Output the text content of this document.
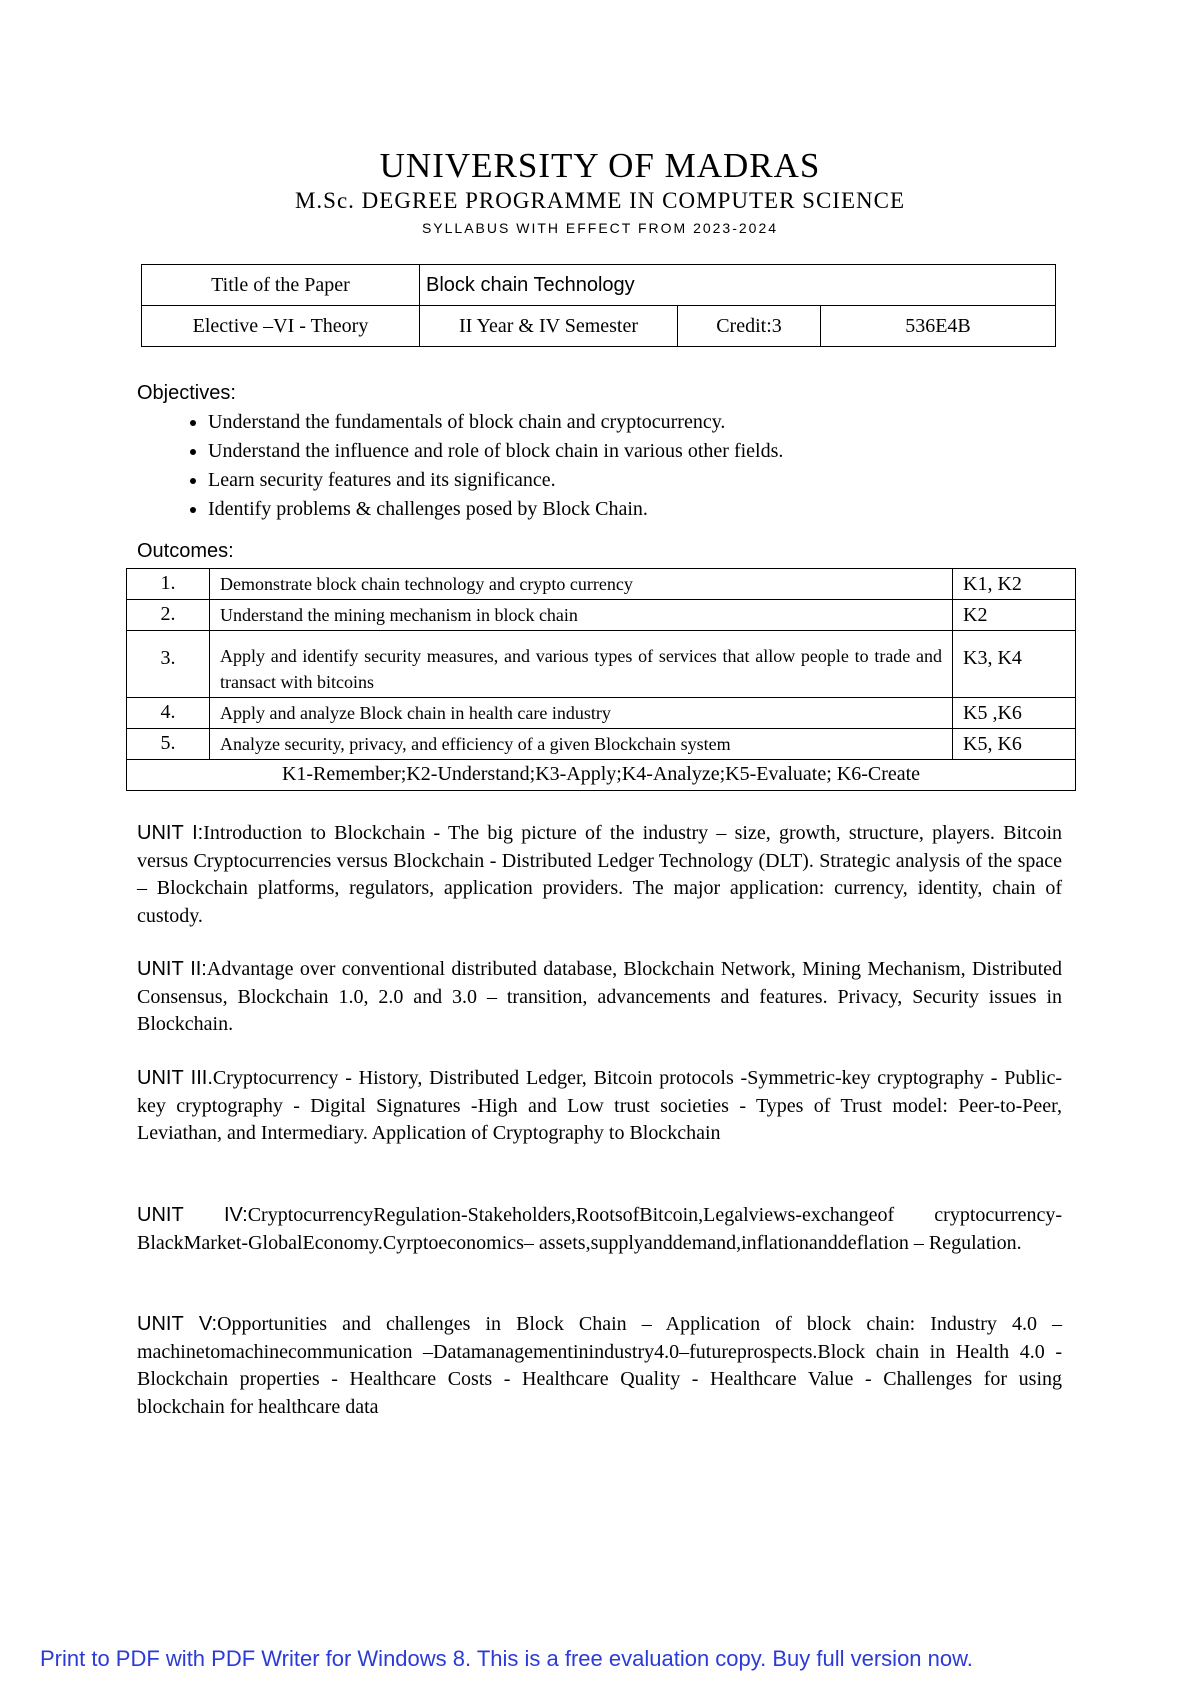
UNIVERSITY OF MADRAS
M.Sc. DEGREE PROGRAMME IN COMPUTER SCIENCE
SYLLABUS WITH EFFECT FROM 2023-2024
Title of the Paper	Block chain Technology		
Elective –VI - Theory	II Year & IV Semester	Credit:3	536E4B
Objectives:
• Understand the fundamentals of block chain and cryptocurrency.
• Understand the influence and role of block chain in various other fields.
• Learn security features and its significance.
• Identify problems & challenges posed by Block Chain.
Outcomes:
1.	Demonstrate block chain technology and crypto currency	K1, K2
2.	Understand the mining mechanism in block chain	K2
3.	Apply and identify security measures, and various types of services that allow people to trade and transact with bitcoins	K3, K4
4.	Apply and analyze Block chain in health care industry	K5 ,K6
5.	Analyze security, privacy, and efficiency of a given Blockchain system	K5, K6
K1-Remember;K2-Understand;K3-Apply;K4-Analyze;K5-Evaluate; K6-Create		
UNIT I:Introduction to Blockchain - The big picture of the industry – size, growth, structure, players. Bitcoin versus Cryptocurrencies versus Blockchain - Distributed Ledger Technology (DLT). Strategic analysis of the space – Blockchain platforms, regulators, application providers. The major application: currency, identity, chain of custody.
UNIT II:Advantage over conventional distributed database, Blockchain Network, Mining Mechanism, Distributed Consensus, Blockchain 1.0, 2.0 and 3.0 – transition, advancements and features. Privacy, Security issues in Blockchain.
UNIT III.Cryptocurrency - History, Distributed Ledger, Bitcoin protocols -Symmetric-key cryptography - Public-key cryptography - Digital Signatures -High and Low trust societies - Types of Trust model: Peer-to-Peer, Leviathan, and Intermediary. Application of Cryptography to Blockchain
UNIT IV:CryptocurrencyRegulation-Stakeholders,RootsofBitcoin,Legalviews-exchangeof cryptocurrency-BlackMarket-GlobalEconomy.Cyrptoeconomics– assets,supplyanddemand,inflationanddeflation – Regulation.
UNIT V:Opportunities and challenges in Block Chain – Application of block chain: Industry 4.0 – machinetomachinecommunication –Datamanagementinindustry4.0–futureprospects.Block chain in Health 4.0 - Blockchain properties - Healthcare Costs - Healthcare Quality - Healthcare Value - Challenges for using blockchain for healthcare data
Print to PDF with PDF Writer for Windows 8. This is a free evaluation copy. Buy full version now.
